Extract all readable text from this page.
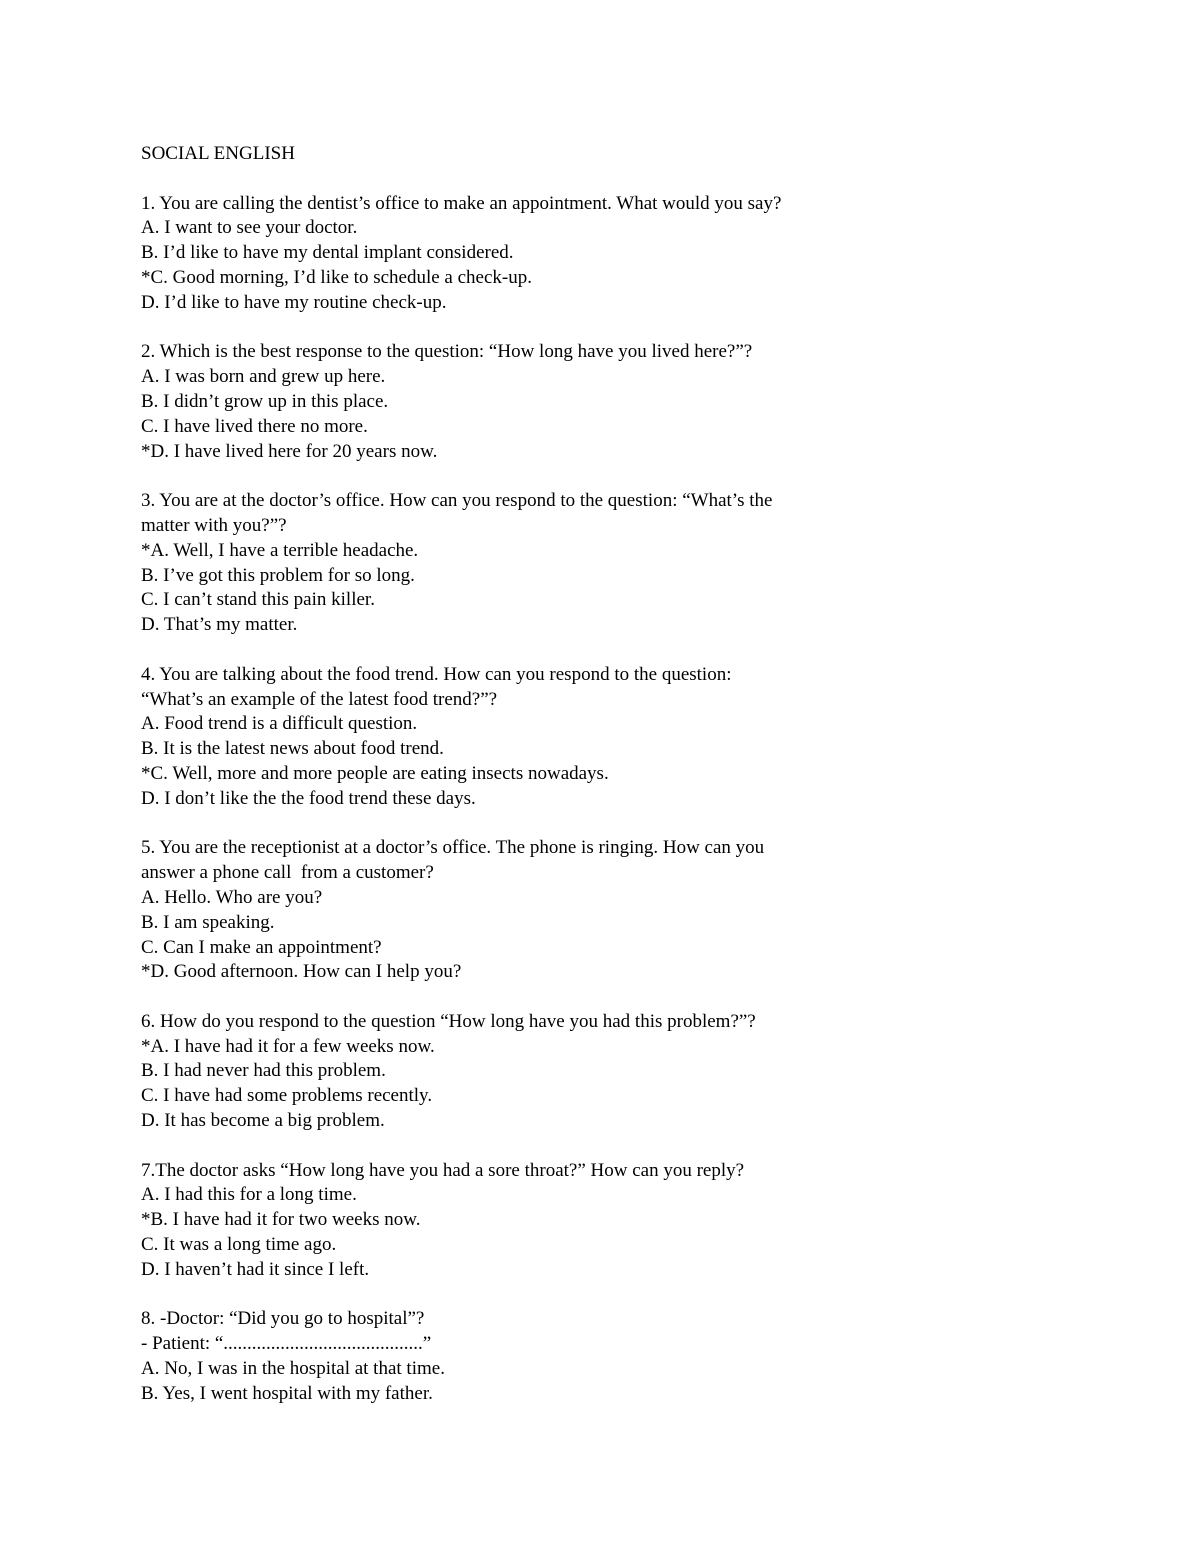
SOCIAL ENGLISH
1. You are calling the dentist’s office to make an appointment. What would you say?
A. I want to see your doctor.
B. I’d like to have my dental implant considered.
*C. Good morning, I’d like to schedule a check-up.
D. I’d like to have my routine check-up.
2. Which is the best response to the question: “How long have you lived here?”?
A. I was born and grew up here.
B. I didn’t grow up in this place.
C. I have lived there no more.
*D. I have lived here for 20 years now.
3. You are at the doctor’s office. How can you respond to the question: “What’s the
matter with you?”?
*A. Well, I have a terrible headache.
B. I’ve got this problem for so long.
C. I can’t stand this pain killer.
D. That’s my matter.
4. You are talking about the food trend. How can you respond to the question:
“What’s an example of the latest food trend?”?
A. Food trend is a difficult question.
B. It is the latest news about food trend.
*C. Well, more and more people are eating insects nowadays.
D. I don’t like the the food trend these days.
5. You are the receptionist at a doctor’s office. The phone is ringing. How can you
answer a phone call  from a customer?
A. Hello. Who are you?
B. I am speaking.
C. Can I make an appointment?
*D. Good afternoon. How can I help you?
6. How do you respond to the question “How long have you had this problem?”?
*A. I have had it for a few weeks now.
B. I had never had this problem.
C. I have had some problems recently.
D. It has become a big problem.
7.The doctor asks “How long have you had a sore throat?” How can you reply?
A. I had this for a long time.
*B. I have had it for two weeks now.
C. It was a long time ago.
D. I haven’t had it since I left.
8. -Doctor: “Did you go to hospital”?
- Patient: “..........................................”
A. No, I was in the hospital at that time.
B. Yes, I went hospital with my father.
